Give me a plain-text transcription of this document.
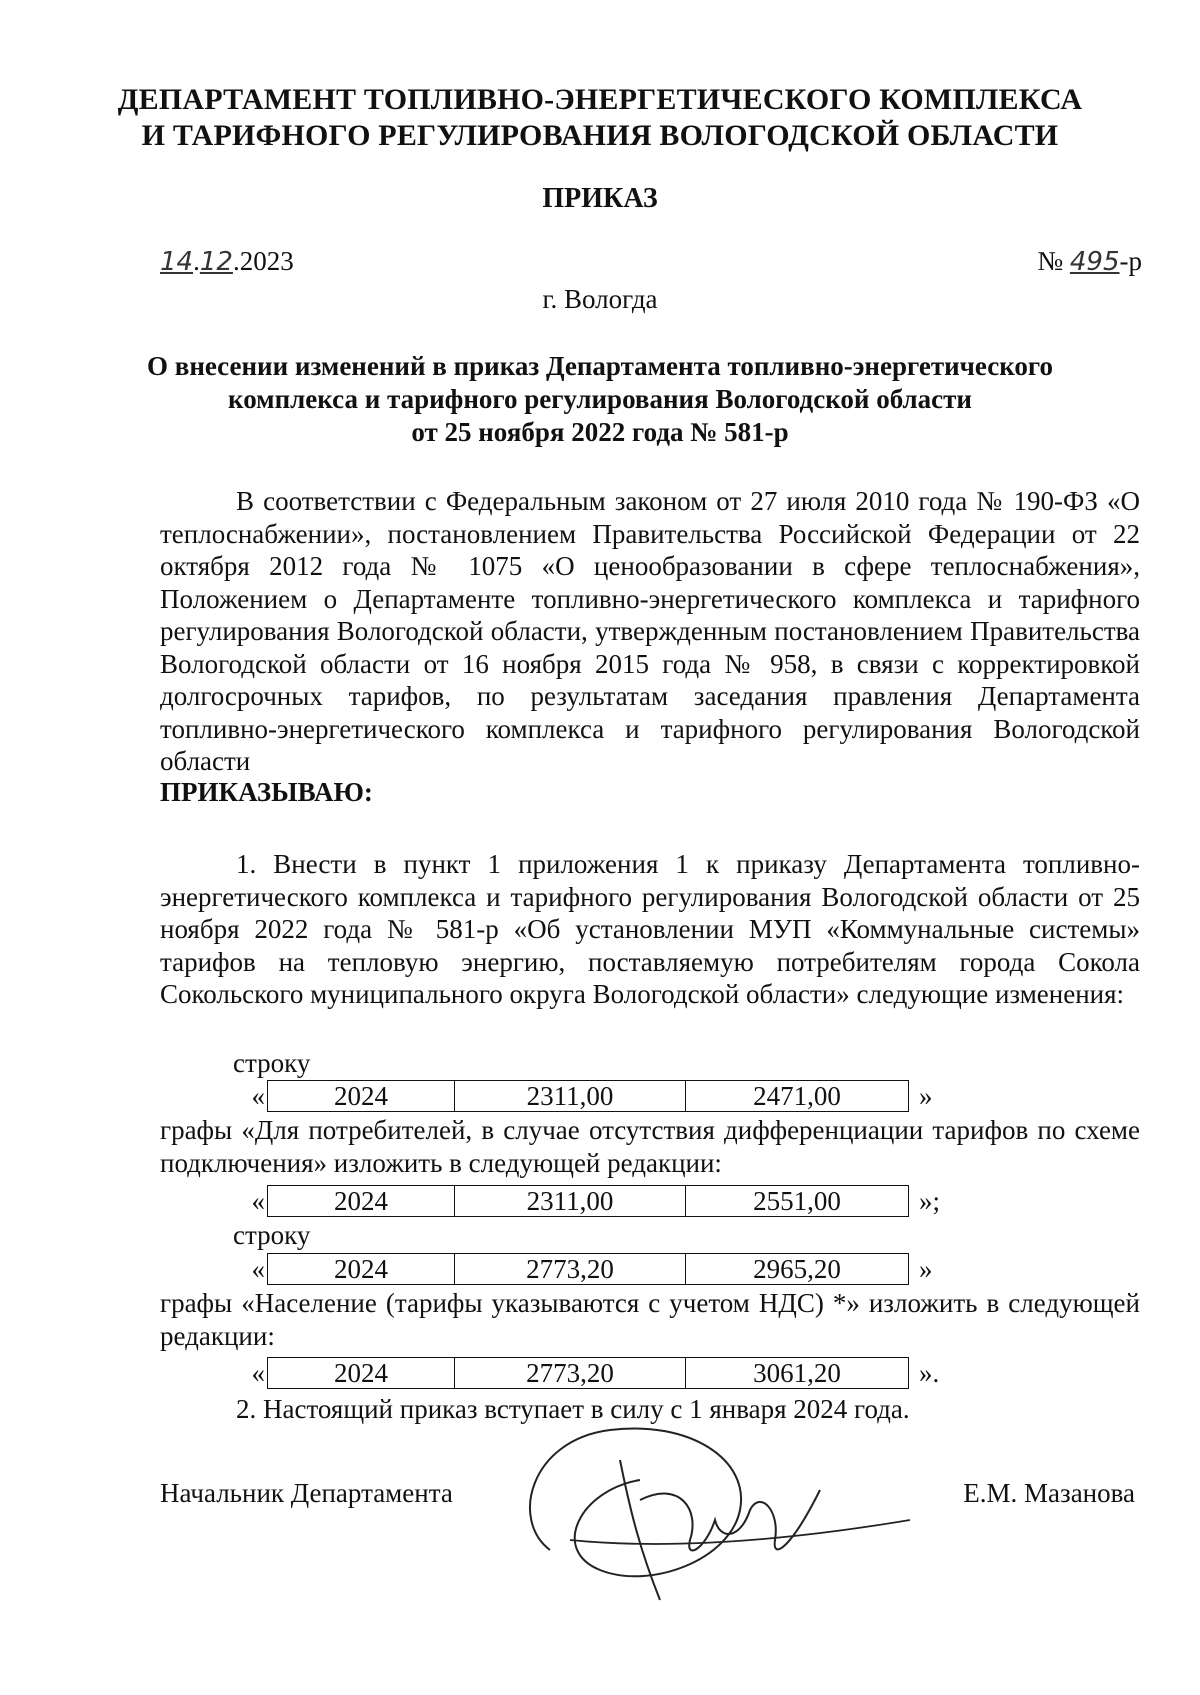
ДЕПАРТАМЕНТ ТОПЛИВНО-ЭНЕРГЕТИЧЕСКОГО КОМПЛЕКСА
И ТАРИФНОГО РЕГУЛИРОВАНИЯ ВОЛОГОДСКОЙ ОБЛАСТИ
ПРИКАЗ
14.12.2023	№ 495-р
г. Вологда
О внесении изменений в приказ Департамента топливно-энергетического
комплекса и тарифного регулирования Вологодской области
от 25 ноября 2022 года № 581-р
В соответствии с Федеральным законом от 27 июля 2010 года № 190-ФЗ «О теплоснабжении», постановлением Правительства Российской Федерации от 22 октября 2012 года № 1075 «О ценообразовании в сфере теплоснабжения», Положением о Департаменте топливно-энергетического комплекса и тарифного регулирования Вологодской области, утвержденным постановлением Правительства Вологодской области от 16 ноября 2015 года № 958, в связи с корректировкой долгосрочных тарифов, по результатам заседания правления Департамента топливно-энергетического комплекса и тарифного регулирования Вологодской области
ПРИКАЗЫВАЮ:
1. Внести в пункт 1 приложения 1 к приказу Департамента топливно-энергетического комплекса и тарифного регулирования Вологодской области от 25 ноября 2022 года № 581-р «Об установлении МУП «Коммунальные системы» тарифов на тепловую энергию, поставляемую потребителям города Сокола Сокольского муниципального округа Вологодской области» следующие изменения:
строку
«	2024	2311,00	2471,00	»
графы «Для потребителей, в случае отсутствия дифференциации тарифов по схеме подключения» изложить в следующей редакции:
«	2024	2311,00	2551,00	»;
строку
«	2024	2773,20	2965,20	»
графы «Население (тарифы указываются с учетом НДС) *» изложить в следующей редакции:
«	2024	2773,20	3061,20	».
2. Настоящий приказ вступает в силу с 1 января 2024 года.
Начальник Департамента	Е.М. Мазанова
